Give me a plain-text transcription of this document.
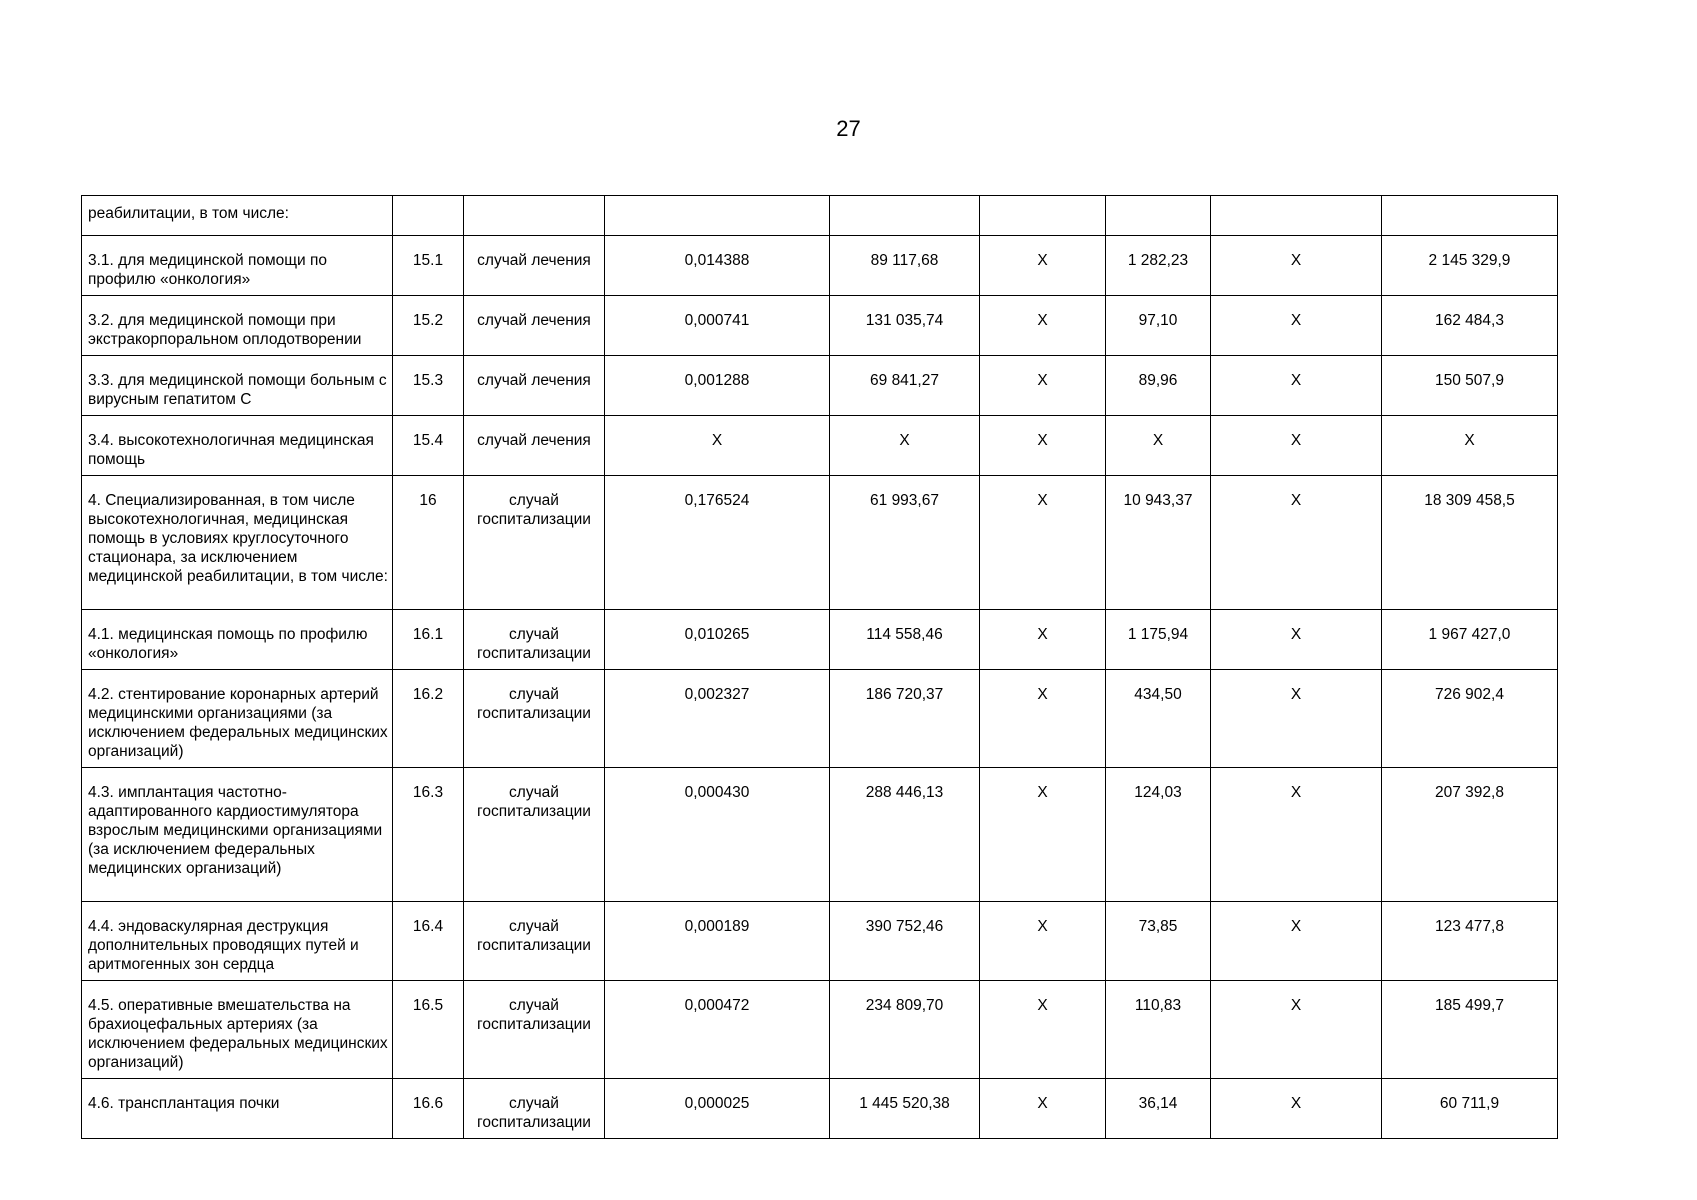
27
реабилитации, в том числе:								
3.1. для медицинской помощи по профилю «онкология»	15.1	случай лечения	0,014388	89 117,68	X	1 282,23	X	2 145 329,9
3.2. для медицинской помощи при экстракорпоральном оплодотворении	15.2	случай лечения	0,000741	131 035,74	X	97,10	X	162 484,3
3.3. для медицинской помощи больным с вирусным гепатитом С	15.3	случай лечения	0,001288	69 841,27	X	89,96	X	150 507,9
3.4. высокотехнологичная медицинская помощь	15.4	случай лечения	X	X	X	X	X	X
4. Специализированная, в том числе высокотехнологичная, медицинская помощь в условиях круглосуточного стационара, за исключением медицинской реабилитации, в том числе:	16	случай госпитализации	0,176524	61 993,67	X	10 943,37	X	18 309 458,5
4.1. медицинская помощь по профилю «онкология»	16.1	случай госпитализации	0,010265	114 558,46	X	1 175,94	X	1 967 427,0
4.2. стентирование коронарных артерий медицинскими организациями (за исключением федеральных медицинских организаций)	16.2	случай госпитализации	0,002327	186 720,37	X	434,50	X	726 902,4
4.3. имплантация частотно-адаптированного кардиостимулятора взрослым медицинскими организациями (за исключением федеральных медицинских организаций)	16.3	случай госпитализации	0,000430	288 446,13	X	124,03	X	207 392,8
4.4. эндоваскулярная деструкция дополнительных проводящих путей и аритмогенных зон сердца	16.4	случай госпитализации	0,000189	390 752,46	X	73,85	X	123 477,8
4.5. оперативные вмешательства на брахиоцефальных артериях (за исключением федеральных медицинских организаций)	16.5	случай госпитализации	0,000472	234 809,70	X	110,83	X	185 499,7
4.6. трансплантация почки	16.6	случай госпитализации	0,000025	1 445 520,38	X	36,14	X	60 711,9
